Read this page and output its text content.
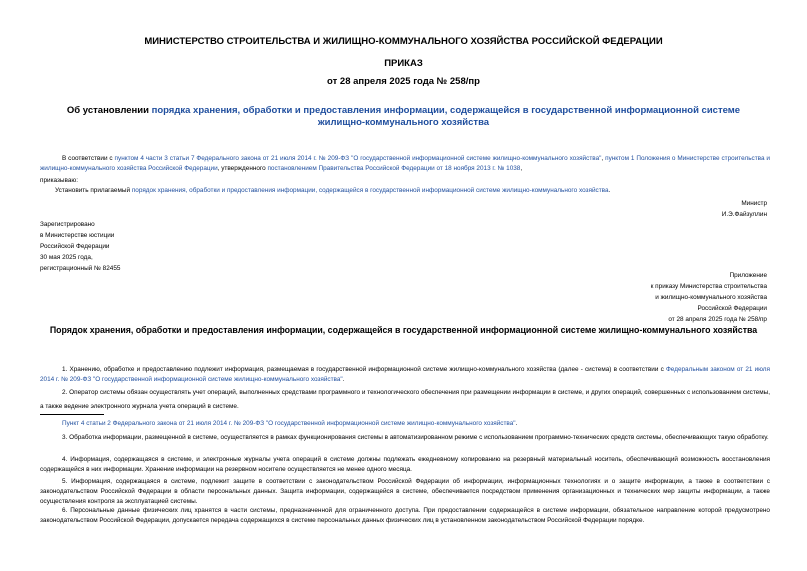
МИНИСТЕРСТВО СТРОИТЕЛЬСТВА И ЖИЛИЩНО-КОММУНАЛЬНОГО ХОЗЯЙСТВА РОССИЙСКОЙ ФЕДЕРАЦИИ
ПРИКАЗ
от 28 апреля 2025 года № 258/пр
Об установлении порядка хранения, обработки и предоставления информации, содержащейся в государственной информационной системе жилищно-коммунального хозяйства
В соответствии с пунктом 4 части 3 статьи 7 Федерального закона от 21 июля 2014 г. № 209-ФЗ "О государственной информационной системе жилищно-коммунального хозяйства", пунктом 1 Положения о Министерстве строительства и жилищно-коммунального хозяйства Российской Федерации, утвержденного постановлением Правительства Российской Федерации от 18 ноября 2013 г. № 1038,
приказываю:
Установить прилагаемый порядок хранения, обработки и предоставления информации, содержащейся в государственной информационной системе жилищно-коммунального хозяйства.
Министр
И.Э.Файзуллин
Зарегистрировано
в Министерстве юстиции
Российской Федерации
30 мая 2025 года,
регистрационный № 82455
Приложение
к приказу Министерства строительства
и жилищно-коммунального хозяйства
Российской Федерации
от 28 апреля 2025 года № 258/пр
Порядок хранения, обработки и предоставления информации, содержащейся в государственной информационной системе жилищно-коммунального хозяйства
1. Хранению, обработке и предоставлению подлежит информация, размещаемая в государственной информационной системе жилищно-коммунального хозяйства (далее - система) в соответствии с Федеральным законом от 21 июля 2014 г. № 209-ФЗ "О государственной информационной системе жилищно-коммунального хозяйства".
2. Оператор системы обязан осуществлять учет операций, выполненных средствами программного и технологического обеспечения при размещении информации в системе, и других операций, совершенных с использованием системы, а также ведение электронного журнала учета операций в системе.
Пункт 4 статьи 2 Федерального закона от 21 июля 2014 г. № 209-ФЗ "О государственной информационной системе жилищно-коммунального хозяйства".
3. Обработка информации, размещенной в системе, осуществляется в рамках функционирования системы в автоматизированном режиме с использованием программно-технических средств системы, обеспечивающих такую обработку.
4. Информация, содержащаяся в системе, и электронные журналы учета операций в системе должны подлежать ежедневному копированию на резервный материальный носитель, обеспечивающий возможность восстановления содержащейся в них информации. Хранение информации на резервном носителе осуществляется не менее одного месяца.
5. Информация, содержащаяся в системе, подлежит защите в соответствии с законодательством Российской Федерации об информации, информационных технологиях и о защите информации, а также в соответствии с законодательством Российской Федерации в области персональных данных. Защита информации, содержащейся в системе, обеспечивается посредством применения организационных и технических мер защиты информации, а также осуществления контроля за эксплуатацией системы.
6. Персональные данные физических лиц хранятся в части системы, предназначенной для ограниченного доступа. При предоставлении содержащейся в системе информации, обязательное направление которой предусмотрено законодательством Российской Федерации, допускается передача содержащихся в системе персональных данных физических лиц в установленном законодательством Российской Федерации порядке.
